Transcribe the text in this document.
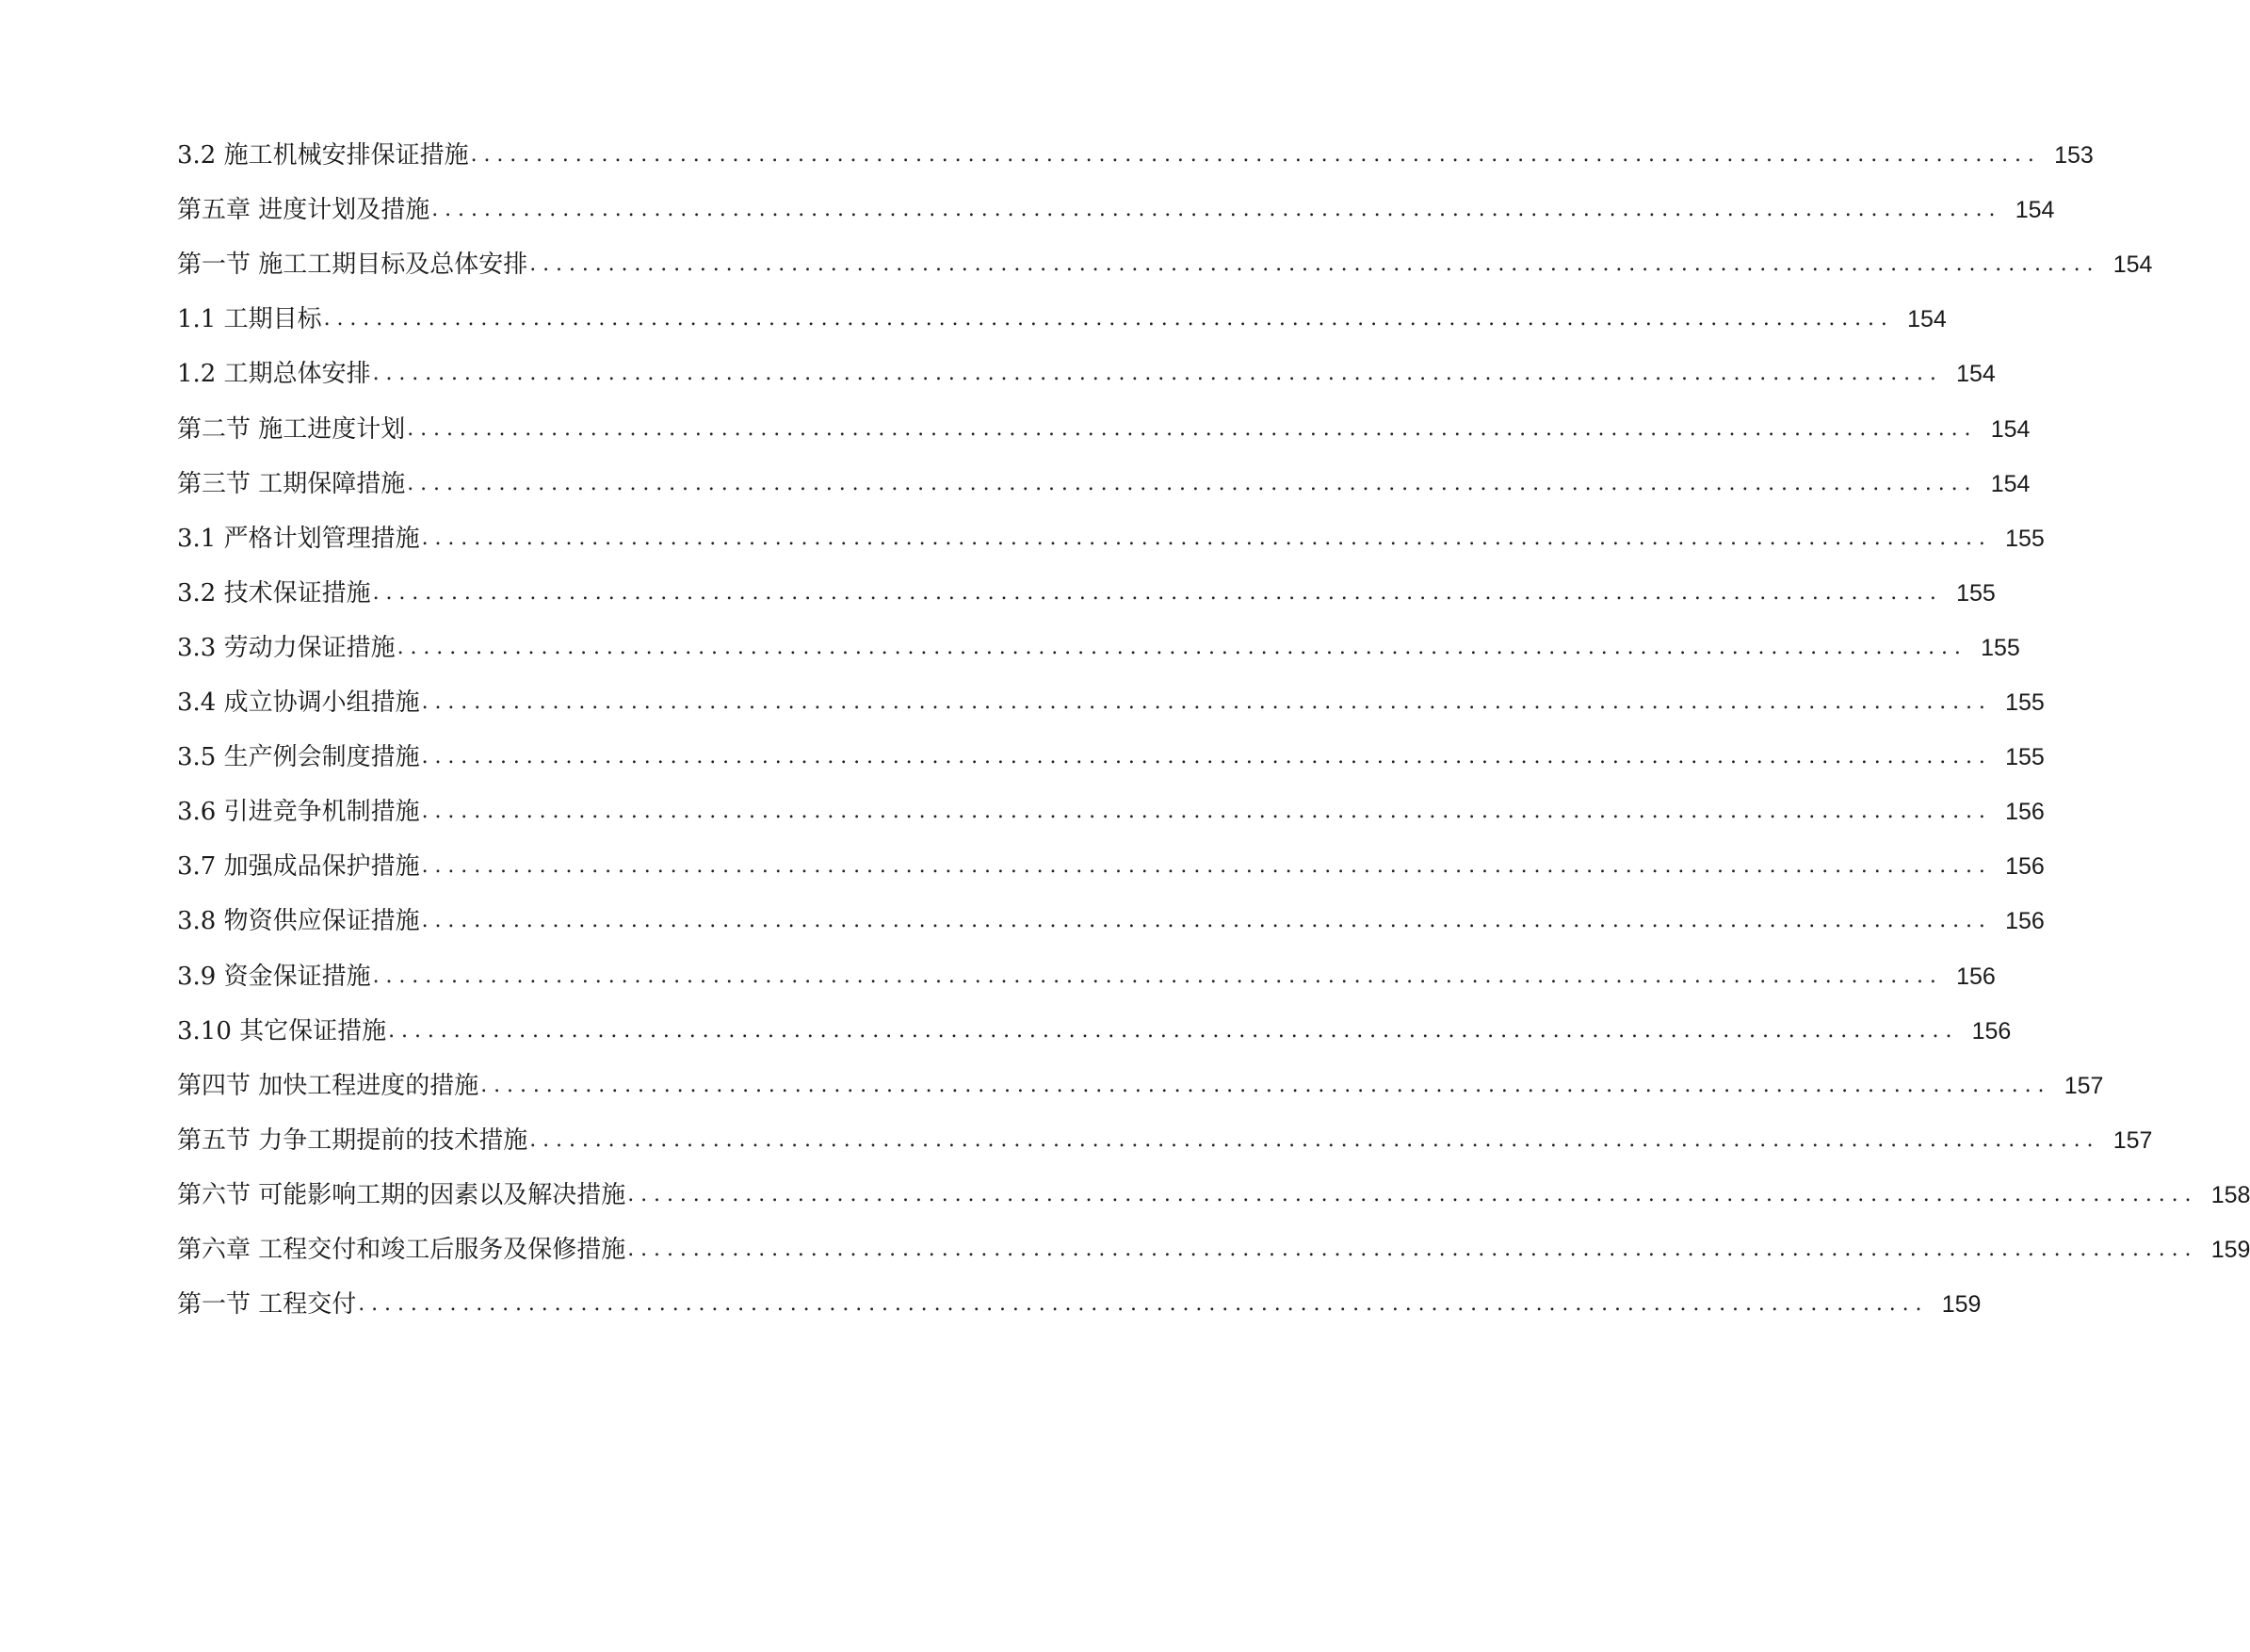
3.2 施工机械安排保证措施 ........................................................................................................................ 153
第五章 进度计划及措施 ........................................................................................................................ 154
第一节 施工工期目标及总体安排 ........................................................................................................................ 154
1.1 工期目标 ........................................................................................................................ 154
1.2 工期总体安排 ........................................................................................................................ 154
第二节 施工进度计划 ........................................................................................................................ 154
第三节 工期保障措施 ........................................................................................................................ 154
3.1 严格计划管理措施 ........................................................................................................................ 155
3.2 技术保证措施 ........................................................................................................................ 155
3.3 劳动力保证措施 ........................................................................................................................ 155
3.4 成立协调小组措施 ........................................................................................................................ 155
3.5 生产例会制度措施 ........................................................................................................................ 155
3.6 引进竞争机制措施 ........................................................................................................................ 156
3.7 加强成品保护措施 ........................................................................................................................ 156
3.8 物资供应保证措施 ........................................................................................................................ 156
3.9 资金保证措施 ........................................................................................................................ 156
3.10 其它保证措施 ........................................................................................................................ 156
第四节 加快工程进度的措施 ........................................................................................................................ 157
第五节 力争工期提前的技术措施 ........................................................................................................................ 157
第六节 可能影响工期的因素以及解决措施 ........................................................................................................................ 158
第六章 工程交付和竣工后服务及保修措施 ........................................................................................................................ 159
第一节 工程交付 ........................................................................................................................ 159
